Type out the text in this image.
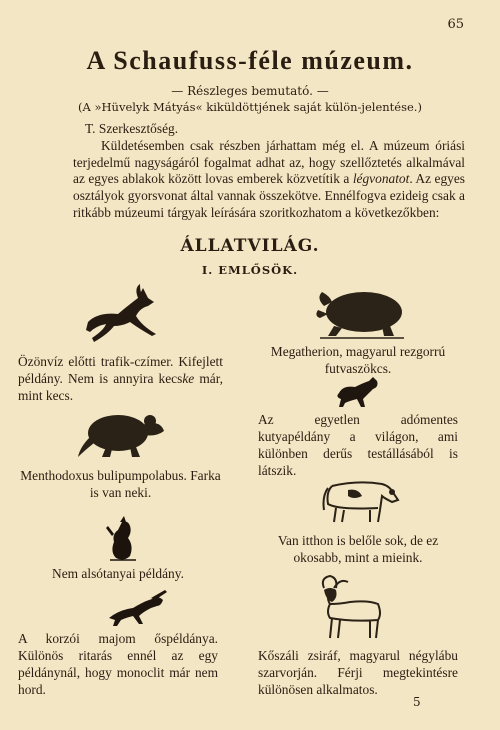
65
A Schaufuss-féle múzeum.
— Részleges bemutató. —
(A »Hüvelyk Mátyás« kiküldöttjének saját külön-jelentése.)

T. Szerkesztőség.

Küldetésemben csak részben járhattam még el. A múzeum óriási terjedelmű nagyságáról fogalmat adhat az, hogy szellőztetés alkalmával az egyes ablakok között lovas emberek közvetítik a légvonatot. Az egyes osztályok gyorsvonat által vannak összekötve. Ennélfogva ezideig csak a ritkább múzeumi tárgyak leírására szoritkozhatom a következőkben:

ÁLLATVILÁG.
I. EMLŐSÖK.
Özönvíz előtti trafik-czímer. Kifejlett példány. Nem is annyira kecske már, mint kecs.
Megatherion, magyarul rezgorrú futvaszökcs.
Az egyetlen adómentes kutyapéldány a világon, ami különben derűs testállásából is látszik.
Menthodoxus bulipumpolabus. Farka is van neki.
Van itthon is belőle sok, de ez okosabb, mint a mieink.
Nem alsótanyai példány.
A korzói majom őspéldánya. Különös ritarás ennél az egy példánynál, hogy monoclit már nem hord.
Kőszáli zsiráf, magyarul négylábu szarvorján. Férji megtekintésre különösen alkalmatos.
5
